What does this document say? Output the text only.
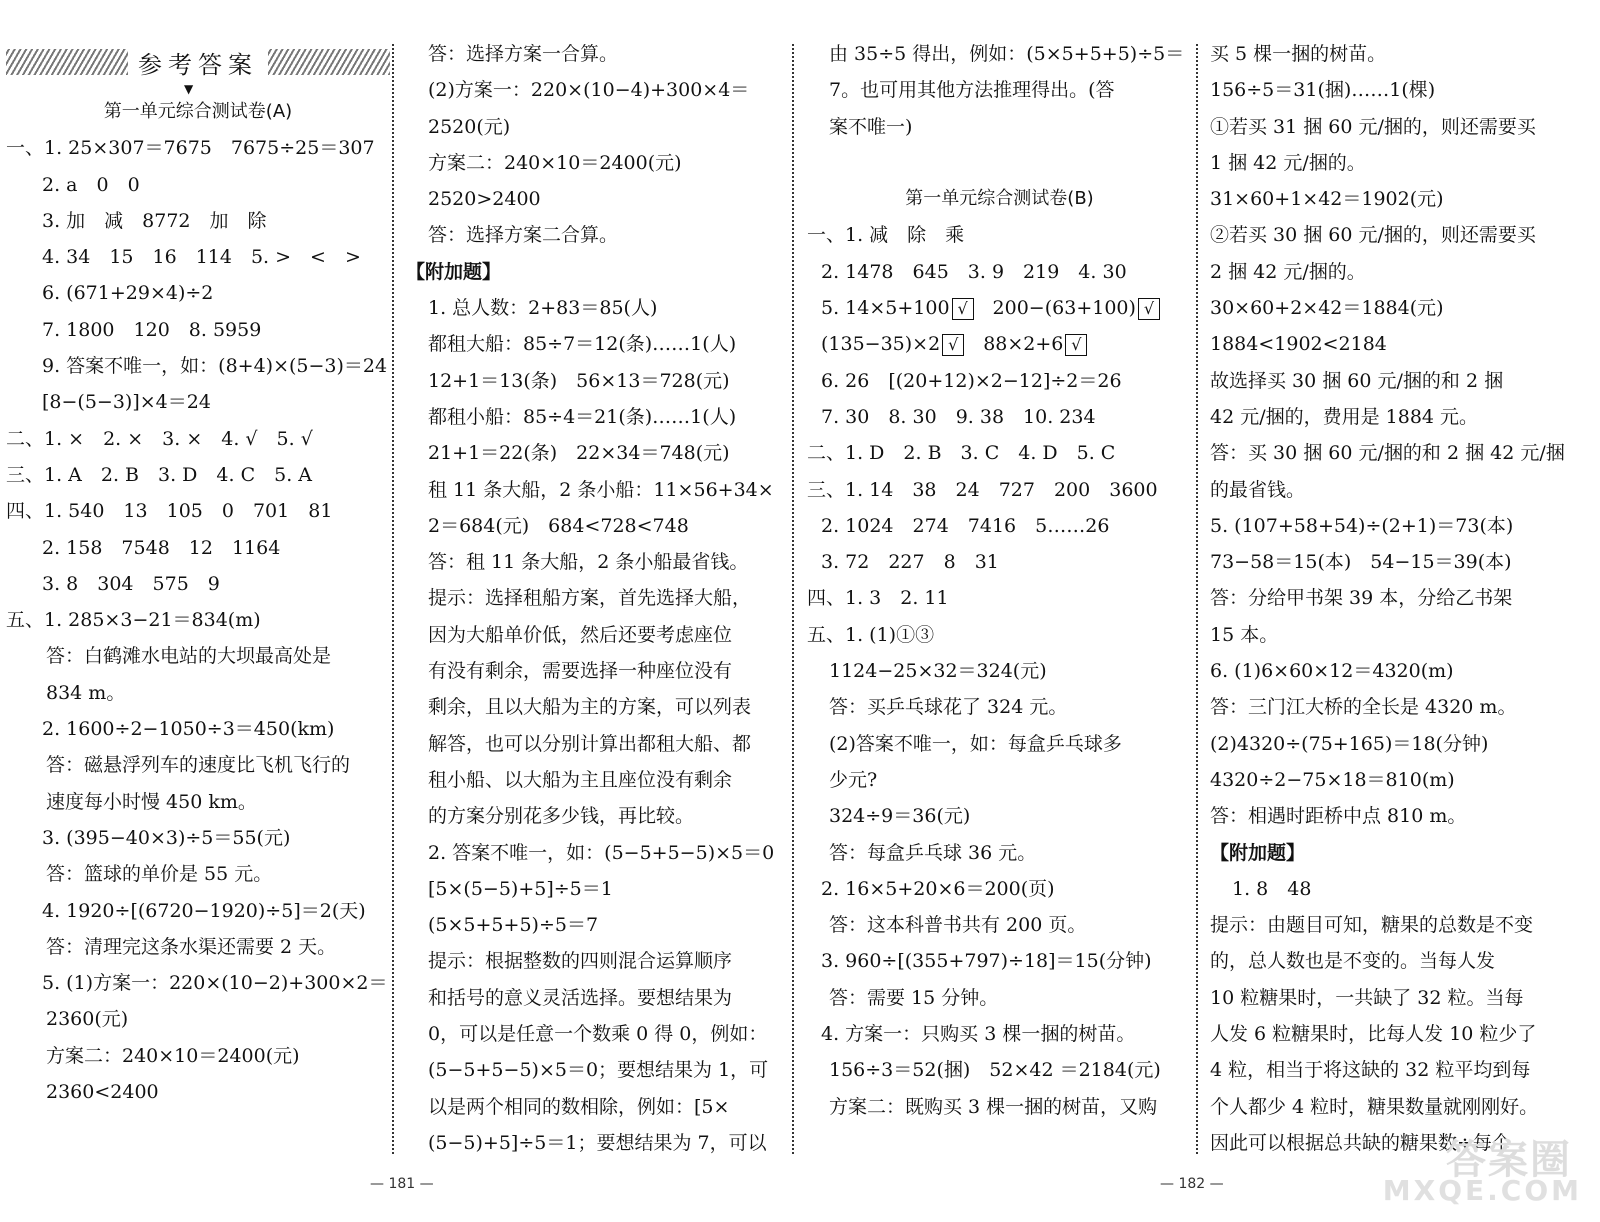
参考答案
▼
第一单元综合测试卷(A)
一、1. 25×307＝7675　7675÷25＝307
2. a　0　0
3. 加　减　8772　加　除
4. 34　15　16　114　5. >　<　>
6. (671+29×4)÷2
7. 1800　120　8. 5959
9. 答案不唯一，如：(8+4)×(5−3)＝24
[8−(5−3)]×4＝24
二、1. ×　2. ×　3. ×　4. √　5. √
三、1. A　2. B　3. D　4. C　5. A
四、1. 540　13　105　0　701　81
2. 158　7548　12　1164
3. 8　304　575　9
五、1. 285×3−21＝834(m)
答：白鹤滩水电站的大坝最高处是
834 m。
2. 1600÷2−1050÷3＝450(km)
答：磁悬浮列车的速度比飞机飞行的
速度每小时慢 450 km。
3. (395−40×3)÷5＝55(元)
答：篮球的单价是 55 元。
4. 1920÷[(6720−1920)÷5]＝2(天)
答：清理完这条水渠还需要 2 天。
5. (1)方案一：220×(10−2)+300×2＝
2360(元)
方案二：240×10＝2400(元)
2360<2400
答：选择方案一合算。
(2)方案一：220×(10−4)+300×4＝
2520(元)
方案二：240×10＝2400(元)
2520>2400
答：选择方案二合算。
【附加题】
1. 总人数：2+83＝85(人)
都租大船：85÷7＝12(条)……1(人)
12+1＝13(条)　56×13＝728(元)
都租小船：85÷4＝21(条)……1(人)
21+1＝22(条)　22×34＝748(元)
租 11 条大船，2 条小船：11×56+34×
2＝684(元)　684<728<748
答：租 11 条大船，2 条小船最省钱。
提示：选择租船方案，首先选择大船，
因为大船单价低，然后还要考虑座位
有没有剩余，需要选择一种座位没有
剩余，且以大船为主的方案，可以列表
解答，也可以分别计算出都租大船、都
租小船、以大船为主且座位没有剩余
的方案分别花多少钱，再比较。
2. 答案不唯一，如：(5−5+5−5)×5＝0
[5×(5−5)+5]÷5＝1
(5×5+5+5)÷5＝7
提示：根据整数的四则混合运算顺序
和括号的意义灵活选择。要想结果为
0，可以是任意一个数乘 0 得 0，例如：
(5−5+5−5)×5＝0；要想结果为 1，可
以是两个相同的数相除，例如：[5×
(5−5)+5]÷5＝1；要想结果为 7，可以
由 35÷5 得出，例如：(5×5+5+5)÷5＝
7。也可用其他方法推理得出。(答
案不唯一)
第一单元综合测试卷(B)
一、1. 减　除　乘
2. 1478　645　3. 9　219　4. 30
5. 14×5+100 √　200−(63+100) √
(135−35)×2 √　88×2+6 √
6. 26　[(20+12)×2−12]÷2＝26
7. 30　8. 30　9. 38　10. 234
二、1. D　2. B　3. C　4. D　5. C
三、1. 14　38　24　727　200　3600
2. 1024　274　7416　5……26
3. 72　227　8　31
四、1. 3　2. 11
五、1. (1)①③
1124−25×32＝324(元)
答：买乒乓球花了 324 元。
(2)答案不唯一，如：每盒乒乓球多
少元?
324÷9＝36(元)
答：每盒乒乓球 36 元。
2. 16×5+20×6＝200(页)
答：这本科普书共有 200 页。
3. 960÷[(355+797)÷18]＝15(分钟)
答：需要 15 分钟。
4. 方案一：只购买 3 棵一捆的树苗。
156÷3＝52(捆)　52×42 ＝2184(元)
方案二：既购买 3 棵一捆的树苗，又购
买 5 棵一捆的树苗。
156÷5＝31(捆)……1(棵)
①若买 31 捆 60 元/捆的，则还需要买
1 捆 42 元/捆的。
31×60+1×42＝1902(元)
②若买 30 捆 60 元/捆的，则还需要买
2 捆 42 元/捆的。
30×60+2×42＝1884(元)
1884<1902<2184
故选择买 30 捆 60 元/捆的和 2 捆
42 元/捆的，费用是 1884 元。
答：买 30 捆 60 元/捆的和 2 捆 42 元/捆
的最省钱。
5. (107+58+54)÷(2+1)＝73(本)
73−58＝15(本)　54−15＝39(本)
答：分给甲书架 39 本，分给乙书架
15 本。
6. (1)6×60×12＝4320(m)
答：三门江大桥的全长是 4320 m。
(2)4320÷(75+165)＝18(分钟)
4320÷2−75×18＝810(m)
答：相遇时距桥中点 810 m。
【附加题】
1. 8　48
提示：由题目可知，糖果的总数是不变
的，总人数也是不变的。当每人发
10 粒糖果时，一共缺了 32 粒。当每
人发 6 粒糖果时，比每人发 10 粒少了
4 粒，相当于将这缺的 32 粒平均到每
个人都少 4 粒时，糖果数量就刚刚好。
因此可以根据总共缺的糖果数÷每个
— 181 —	— 182 —
答案圈
MXQE.COM
